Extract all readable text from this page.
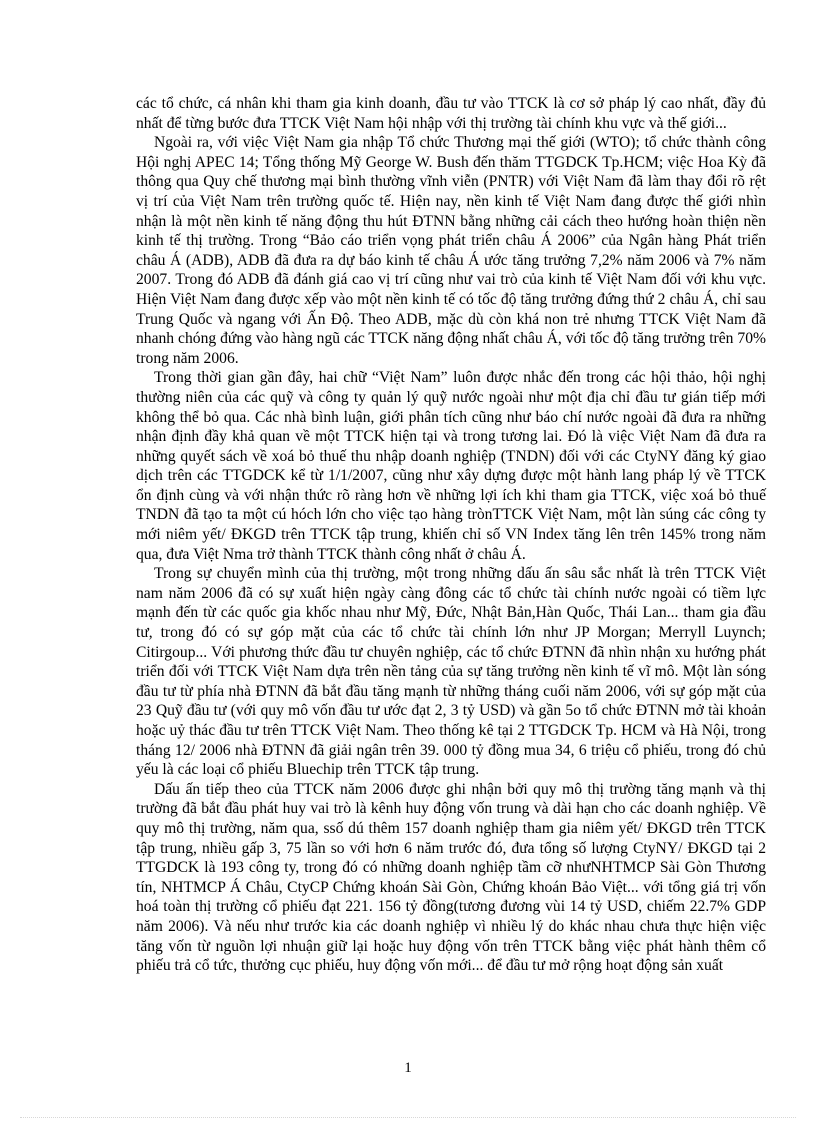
các tổ chức, cá nhân khi tham gia kinh doanh, đầu tư vào TTCK là cơ sở pháp lý cao nhất, đầy đủ nhất để từng bước đưa TTCK Việt Nam hội nhập với thị trường tài chính khu vực và thế giới...

Ngoài ra, với việc Việt Nam gia nhập Tổ chức Thương mại thế giới (WTO); tổ chức thành công Hội nghị APEC 14; Tổng thống Mỹ George W. Bush đến thăm TTGDCK Tp.HCM; việc Hoa Kỳ đã thông qua Quy chế thương mại bình thường vĩnh viễn (PNTR) với Việt Nam đã làm thay đổi rõ rệt vị trí của Việt Nam trên trường quốc tế. Hiện nay, nền kinh tế Việt Nam đang được thế giới nhìn nhận là một nền kinh tế năng động thu hút ĐTNN bằng những cải cách theo hướng hoàn thiện nền kinh tế thị trường. Trong “Bảo cáo triển vọng phát triển châu Á 2006” của Ngân hàng Phát triển châu Á (ADB), ADB đã đưa ra dự báo kinh tế châu Á ước tăng trưởng 7,2% năm 2006 và 7% năm 2007. Trong đó ADB đã đánh giá cao vị trí cũng như vai trò của kinh tế Việt Nam đối với khu vực. Hiện Việt Nam đang được xếp vào một nền kinh tế có tốc độ tăng trưởng đứng thứ 2 châu Á, chỉ sau Trung Quốc và ngang với Ấn Độ. Theo ADB, mặc dù còn khá non trẻ nhưng TTCK Việt Nam đã nhanh chóng đứng vào hàng ngũ các TTCK năng động nhất châu Á, với tốc độ tăng trưởng trên 70% trong năm 2006.

Trong thời gian gần đây, hai chữ “Việt Nam” luôn được nhắc đến trong các hội thảo, hội nghị thường niên của các quỹ và công ty quản lý quỹ nước ngoài như một địa chỉ đầu tư gián tiếp mới không thể bỏ qua. Các nhà bình luận, giới phân tích cũng như báo chí nước ngoài đã đưa ra những nhận định đầy khả quan về một TTCK hiện tại và trong tương lai. Đó là việc Việt Nam đã đưa ra những quyết sách về xoá bỏ thuế thu nhập doanh nghiệp (TNDN) đối với các CtyNY đăng ký giao dịch trên các TTGDCK kể từ 1/1/2007, cũng như xây dựng được một hành lang pháp lý về TTCK ổn định cùng và với nhận thức rõ ràng hơn về những lợi ích khi tham gia TTCK, việc xoá bỏ thuế TNDN đã tạo ta một cú hóch lớn cho việc tạo hàng trònTTCK Việt Nam, một làn súng các công ty mới niêm yết/ ĐKGD trên TTCK tập trung, khiến chỉ số VN Index tăng lên trên 145% trong năm qua, đưa Việt Nma trở thành TTCK thành công nhất ở châu Á.

Trong sự chuyển mình của thị trường, một trong những dấu ấn sâu sắc nhất là trên TTCK Việt nam năm 2006 đã có sự xuất hiện ngày càng đông các tổ chức tài chính nước ngoài có tiềm lực mạnh đến từ các quốc gia khốc nhau như Mỹ, Đức, Nhật Bản,Hàn Quốc, Thái Lan... tham gia đầu tư, trong đó có sự góp mặt của các tổ chức tài chính lớn như JP Morgan; Merryll Luynch; Citirgoup... Với phương thức đầu tư chuyên nghiệp, các tổ chức ĐTNN đã nhìn nhận xu hướng phát triển đối với TTCK Việt Nam dựa trên nền tảng của sự tăng trưởng nền kinh tế vĩ mô. Một làn sóng đầu tư từ phía nhà ĐTNN đã bắt đầu tăng mạnh từ những tháng cuối năm 2006, với sự góp mặt của 23 Quỹ đầu tư (với quy mô vốn đầu tư ước đạt 2, 3 tỷ USD) và gần 5o tổ chức ĐTNN mở tài khoản hoặc uỷ thác đầu tư trên TTCK Việt Nam. Theo thống kê tại 2 TTGDCK Tp. HCM và Hà Nội, trong tháng 12/ 2006 nhà ĐTNN đã giải ngân trên 39. 000 tỷ đồng mua 34, 6 triệu cổ phiếu, trong đó chủ yếu là các loại cổ phiếu Bluechip trên TTCK tập trung.

Dấu ấn tiếp theo của TTCK năm 2006 được ghi nhận bởi quy mô thị trường tăng mạnh và thị trường đã bắt đầu phát huy vai trò là kênh huy động vốn trung và dài hạn cho các doanh nghiệp. Về quy mô thị trường, năm qua, ssố dú thêm 157 doanh nghiệp tham gia niêm yết/ ĐKGD trên TTCK tập trung, nhiều gấp 3, 75 lần so với hơn 6 năm trước đó, đưa tổng số lượng CtyNY/ ĐKGD tại 2 TTGDCK là 193 công ty, trong đó có những doanh nghiệp tầm cỡ nhưNHTMCP Sài Gòn Thương tín, NHTMCP Á Châu, CtyCP Chứng khoán Sài Gòn, Chứng khoán Bảo Việt... với tổng giá trị vốn hoá toàn thị trường cổ phiếu đạt 221. 156 tỷ đồng(tương đương vùi 14 tỷ USD, chiếm 22.7% GDP năm 2006). Và nếu như trước kia các doanh nghiệp vì nhiều lý do khác nhau chưa thực hiện việc tăng vốn từ nguồn lợi nhuận giữ lại hoặc huy động vốn trên TTCK bằng việc phát hành thêm cổ phiếu trả cổ tức, thưởng cục phiếu, huy động vốn mới... để đầu tư mở rộng hoạt động sản xuất

1
